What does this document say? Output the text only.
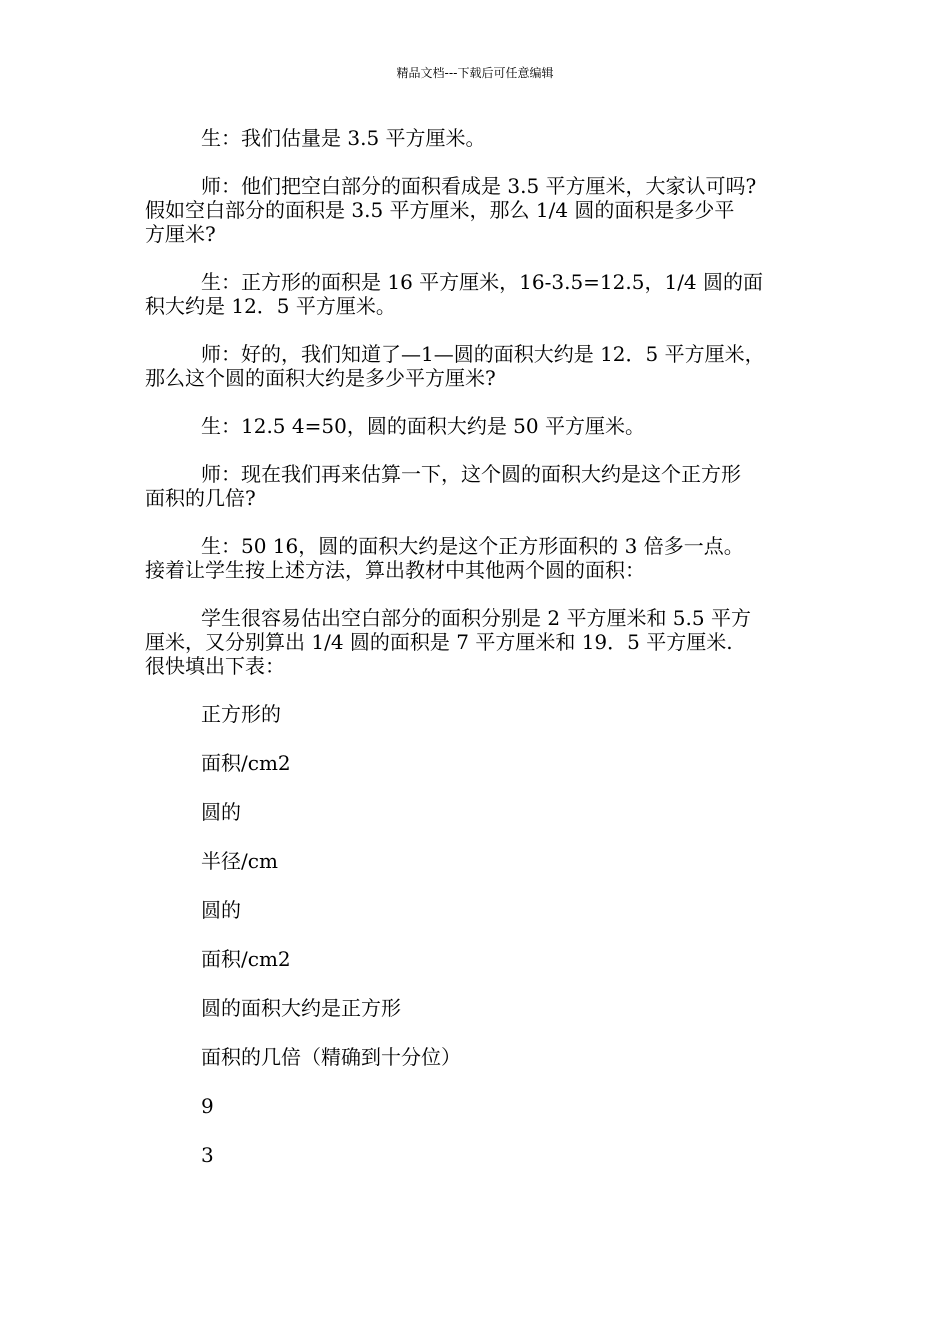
精品文档---下载后可任意编辑
生：我们估量是 3.5 平方厘米。
师：他们把空白部分的面积看成是 3.5 平方厘米，大家认可吗?
假如空白部分的面积是 3.5 平方厘米，那么 1/4 圆的面积是多少平
方厘米?
生：正方形的面积是 16 平方厘米，16-3.5=12.5，1/4 圆的面
积大约是 12．5 平方厘米。
师：好的，我们知道了—1—圆的面积大约是 12．5 平方厘米，
那么这个圆的面积大约是多少平方厘米?
生：12.5 4=50，圆的面积大约是 50 平方厘米。
师：现在我们再来估算一下，这个圆的面积大约是这个正方形
面积的几倍?
生：50 16，圆的面积大约是这个正方形面积的 3 倍多一点。
接着让学生按上述方法，算出教材中其他两个圆的面积：
学生很容易估出空白部分的面积分别是 2 平方厘米和 5.5 平方
厘米，又分别算出 1/4 圆的面积是 7 平方厘米和 19．5 平方厘米.
很快填出下表：
正方形的
面积/cm2
圆的
半径/cm
圆的
面积/cm2
圆的面积大约是正方形
面积的几倍（精确到十分位）
9
3
